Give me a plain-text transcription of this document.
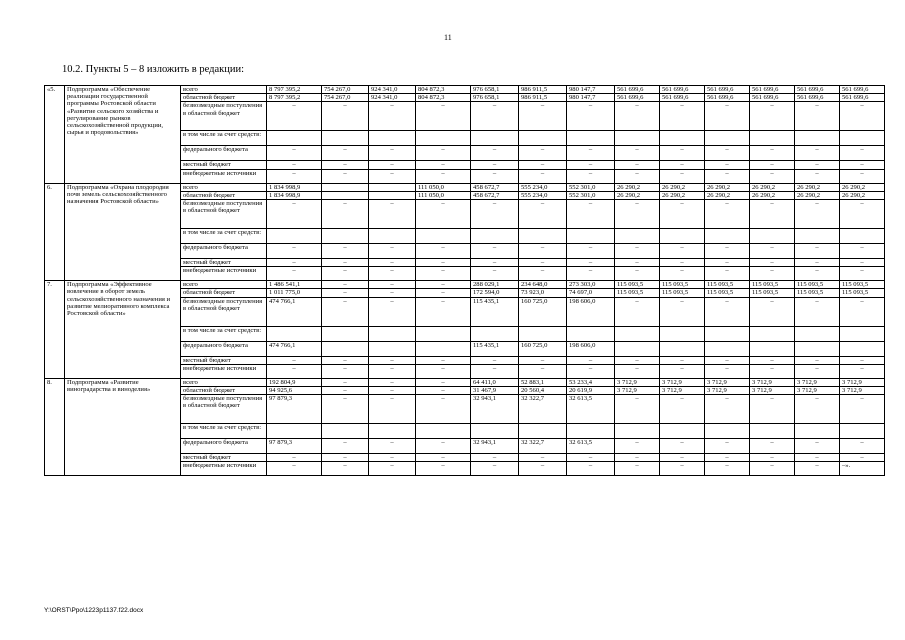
11
10.2. Пункты 5 – 8 изложить в редакции:
«5.	Подпрограмма «Обеспечение реализации государственной программы Ростовской области «Развитие сельского хозяйства и регулирование рынков сельскохозяйственной продукции, сырья и продовольствия»	всего	8 797 395,2	754 267,0	924 341,0	804 872,3	976 658,1	986 911,5	980 147,7	561 699,6	561 699,6	561 699,6	561 699,6	561 699,6	561 699,6
		областной бюджет	8 797 395,2	754 267,0	924 341,0	804 872,3	976 658,1	986 911,5	980 147,7	561 699,6	561 699,6	561 699,6	561 699,6	561 699,6	561 699,6
		безвозмездные поступления в областной бюджет	–	–	–	–	–	–	–	–	–	–	–	–	–
		в том числе за счет средств:													
		федерального бюджета	–	–	–	–	–	–	–	–	–	–	–	–	–
		местный бюджет	–	–	–	–	–	–	–	–	–	–	–	–	–
		внебюджетные источники	–	–	–	–	–	–	–	–	–	–	–	–	–
6.	Подпрограмма «Охрана плодородия почв земель сельскохозяйственного назначения Ростовской области»	всего	1 834 998,9			111 050,0	458 672,7	555 234,0	552 301,0	26 290,2	26 290,2	26 290,2	26 290,2	26 290,2	26 290,2
		областной бюджет	1 834 998,9			111 050,0	458 672,7	555 234,0	552 301,0	26 290,2	26 290,2	26 290,2	26 290,2	26 290,2	26 290,2
		безвозмездные поступления в областной бюджет	–	–	–	–	–	–	–	–	–	–	–	–	–
		в том числе за счет средств:													
		федерального бюджета	–	–	–	–	–	–	–	–	–	–	–	–	–
		местный бюджет	–	–	–	–	–	–	–	–	–	–	–	–	–
		внебюджетные источники	–	–	–	–	–	–	–	–	–	–	–	–	–
7.	Подпрограмма «Эффективное вовлечение в оборот земель сельскохозяйственного назначения и развитие мелиоративного комплекса Ростовской области»	всего	1 486 541,1	–	–	–	288 029,1	234 648,0	273 303,0	115 093,5	115 093,5	115 093,5	115 093,5	115 093,5	115 093,5
		областной бюджет	1 011 775,0	–	–	–	172 594,0	73 923,0	74 697,0	115 093,5	115 093,5	115 093,5	115 093,5	115 093,5	115 093,5
		безвозмездные поступления в областной бюджет	474 766,1	–	–	–	115 435,1	160 725,0	198 606,0	–	–	–	–	–	–
		в том числе за счет средств:													
		федерального бюджета	474 766,1				115 435,1	160 725,0	198 606,0						
		местный бюджет	–	–	–	–	–	–	–	–	–	–	–	–	–
		внебюджетные источники	–	–	–	–	–	–	–	–	–	–	–	–	–
8.	Подпрограмма «Развитие виноградарства и виноделия»	всего	192 804,9	–	–	–	64 411,0	52 883,1	53 233,4	3 712,9	3 712,9	3 712,9	3 712,9	3 712,9	3 712,9
		областной бюджет	94 925,6	–	–	–	31 467,9	20 560,4	20 619,9	3 712,9	3 712,9	3 712,9	3 712,9	3 712,9	3 712,9
		безвозмездные поступления в областной бюджет	97 879,3	–	–	–	32 943,1	32 322,7	32 613,5	–	–	–	–	–	–
		в том числе за счет средств:													
		федерального бюджета	97 879,3	–	–	–	32 943,1	32 322,7	32 613,5	–	–	–	–	–	–
		местный бюджет	–	–	–	–	–	–	–	–	–	–	–	–	–
		внебюджетные источники	–	–	–	–	–	–	–	–	–	–	–	–	–».
Y:\ORST\Ppo\1223p1137.f22.docx
